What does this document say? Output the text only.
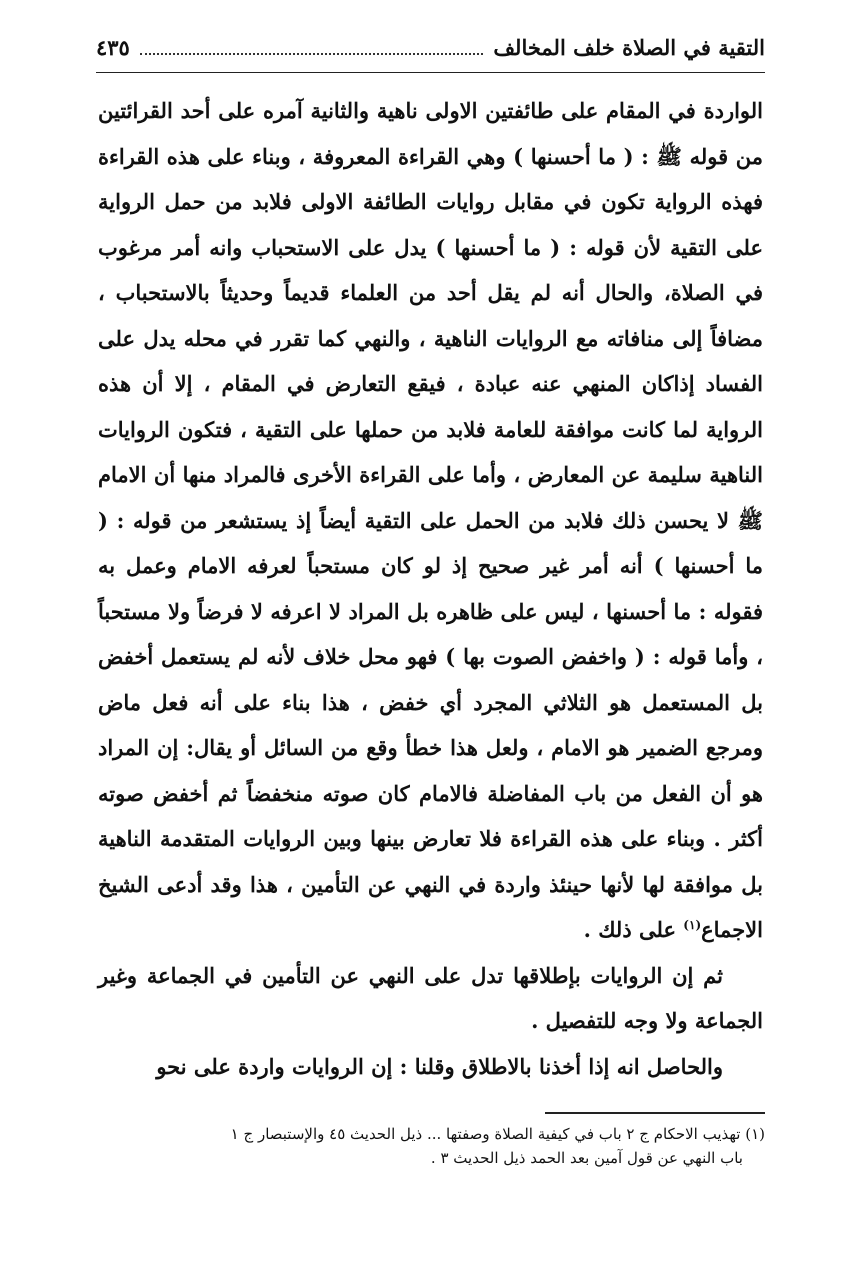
التقية في الصلاة خلف المخالف
٤٣٥

الواردة في المقام على طائفتين الاولى ناهية والثانية آمره على أحد القرائتين من قوله ﷺ : ( ما أحسنها ) وهي القراءة المعروفة ، وبناء على هذه القراءة فهذه الرواية تكون في مقابل روايات الطائفة الاولى فلابد من حمل الرواية على التقية لأن قوله : ( ما أحسنها ) يدل على الاستحباب وانه أمر مرغوب في الصلاة، والحال أنه لم يقل أحد من العلماء قديماً وحديثاً بالاستحباب ، مضافاً إلى منافاته مع الروايات الناهية ، والنهي كما تقرر في محله يدل على الفساد إذاكان المنهي عنه عبادة ، فيقع التعارض في المقام ، إلا أن هذه الرواية لما كانت موافقة للعامة فلابد من حملها على التقية ، فتكون الروايات الناهية سليمة عن المعارض ، وأما على القراءة الأخرى فالمراد منها أن الامام ﷺ لا يحسن ذلك فلابد من الحمل على التقية أيضاً إذ يستشعر من قوله : ( ما أحسنها ) أنه أمر غير صحيح إذ لو كان مستحباً لعرفه الامام وعمل به فقوله : ما أحسنها ، ليس على ظاهره بل المراد لا اعرفه لا فرضاً ولا مستحباً ، وأما قوله : ( واخفض الصوت بها ) فهو محل خلاف لأنه لم يستعمل أخفض بل المستعمل هو الثلاثي المجرد أي خفض ، هذا بناء على أنه فعل ماض ومرجع الضمير هو الامام ، ولعل هذا خطأ وقع من السائل أو يقال: إن المراد هو أن الفعل من باب المفاضلة فالامام كان صوته منخفضاً ثم أخفض صوته أكثر . وبناء على هذه القراءة فلا تعارض بينها وبين الروايات المتقدمة الناهية بل موافقة لها لأنها حينئذ واردة في النهي عن التأمين ، هذا وقد أدعى الشيخ الاجماع$^{(١)}$ على ذلك .

ثم إن الروايات بإطلاقها تدل على النهي عن التأمين في الجماعة وغير الجماعة ولا وجه للتفصيل .

والحاصل انه إذا أخذنا بالاطلاق وقلنا : إن الروايات واردة على نحو

(١) تهذيب الاحكام ج ٢ باب في كيفية الصلاة وصفتها ... ذيل الحديث ٤٥ والإستبصار ج ١
باب النهي عن قول آمين بعد الحمد ذيل الحديث ٣ .
